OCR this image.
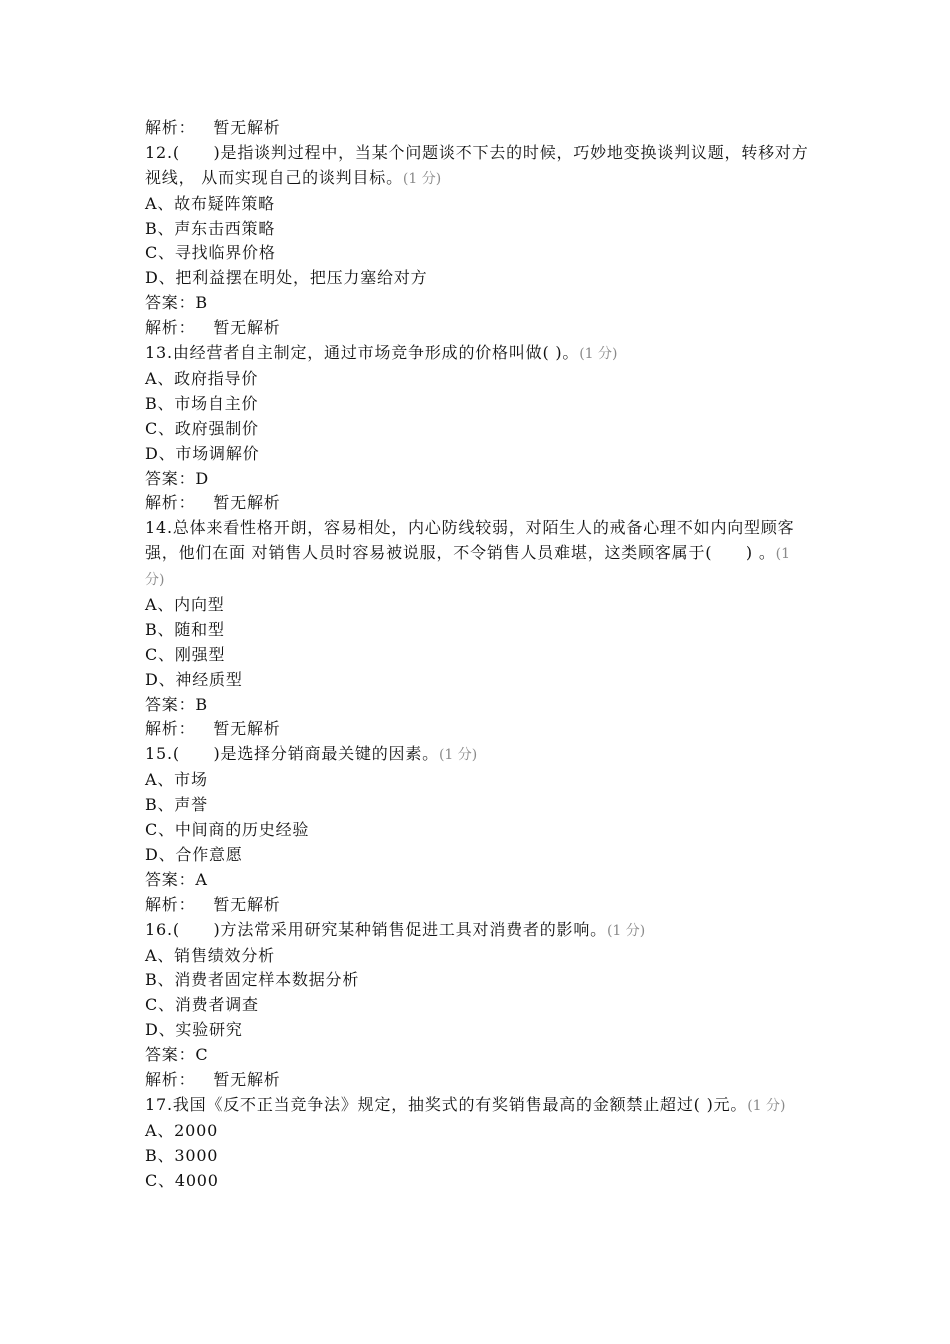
解析： 暂无解析
12.(　　)是指谈判过程中，当某个问题谈不下去的时候，巧妙地变换谈判议题，转移对方视线， 从而实现自己的谈判目标。(1 分)
A、故布疑阵策略
B、声东击西策略
C、寻找临界价格
D、把利益摆在明处，把压力塞给对方
答案：B
解析： 暂无解析
13.由经营者自主制定，通过市场竞争形成的价格叫做( )。(1 分)
A、政府指导价
B、市场自主价
C、政府强制价
D、市场调解价
答案：D
解析： 暂无解析
14.总体来看性格开朗，容易相处，内心防线较弱，对陌生人的戒备心理不如内向型顾客强，他们在面 对销售人员时容易被说服，不令销售人员难堪，这类顾客属于(　　) 。(1 分)
A、内向型
B、随和型
C、刚强型
D、神经质型
答案：B
解析： 暂无解析
15.(　　)是选择分销商最关键的因素。(1 分)
A、市场
B、声誉
C、中间商的历史经验
D、合作意愿
答案：A
解析： 暂无解析
16.(　　)方法常采用研究某种销售促进工具对消费者的影响。(1 分)
A、销售绩效分析
B、消费者固定样本数据分析
C、消费者调查
D、实验研究
答案：C
解析： 暂无解析
17.我国《反不正当竞争法》规定，抽奖式的有奖销售最高的金额禁止超过( )元。(1 分)
A、2000
B、3000
C、4000
